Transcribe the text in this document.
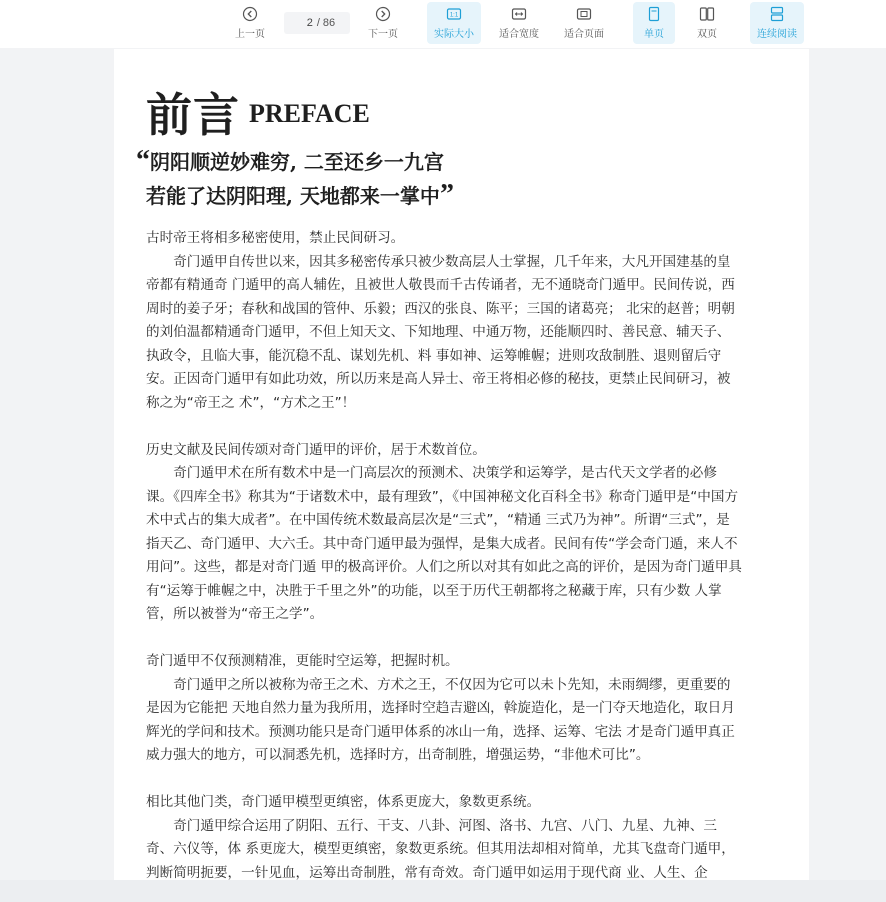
上一页
2
/ 86
下一页
1:1
实际大小	适合宽度	适合页面	单页	双页	连续阅读
前言 PREFACE
“阴阳顺逆妙难穷, 二至还乡一九宫
若能了达阴阳理, 天地都来一掌中”

古时帝王将相多秘密使用，禁止民间研习。

奇门遁甲自传世以来，因其多秘密传承只被少数高层人士掌握，几千年来，大凡开国建基的皇帝都有精通奇 门遁甲的高人辅佐，且被世人敬畏而千古传诵者，无不通晓奇门遁甲。民间传说，西周时的姜子牙；春秋和战国的管仲、乐毅；西汉的张良、陈平；三国的诸葛亮； 北宋的赵普；明朝的刘伯温都精通奇门遁甲，不但上知天文、下知地理、中通万物，还能顺四时、善民意、辅天子、执政令，且临大事，能沉稳不乱、谋划先机、料 事如神、运筹帷幄；进则攻敌制胜、退则留后守安。正因奇门遁甲有如此功效，所以历来是高人异士、帝王将相必修的秘技，更禁止民间研习，被称之为“帝王之 术”，“方术之王”！

历史文献及民间传颂对奇门遁甲的评价，居于术数首位。

奇门遁甲术在所有数术中是一门高层次的预测术、决策学和运筹学，是古代天文学者的必修课。《四库全书》称其为“于诸数术中，最有理致”，《中国神秘文化百科全书》称奇门遁甲是“中国方术中式占的集大成者”。在中国传统术数最高层次是“三式”，“精通 三式乃为神”。所谓“三式”，是指天乙、奇门遁甲、大六壬。其中奇门遁甲最为强悍，是集大成者。民间有传“学会奇门遁，来人不用问”。这些，都是对奇门遁 甲的极高评价。人们之所以对其有如此之高的评价，是因为奇门遁甲具有“运筹于帷幄之中，决胜于千里之外”的功能，以至于历代王朝都将之秘藏于库，只有少数 人掌管，所以被誉为“帝王之学”。

奇门遁甲不仅预测精准，更能时空运筹，把握时机。

奇门遁甲之所以被称为帝王之术、方术之王，不仅因为它可以未卜先知，未雨绸缪，更重要的是因为它能把 天地自然力量为我所用，选择时空趋吉避凶，斡旋造化，是一门夺天地造化，取日月辉光的学问和技术。预测功能只是奇门遁甲体系的冰山一角，选择、运筹、宅法 才是奇门遁甲真正威力强大的地方，可以洞悉先机，选择时方，出奇制胜，增强运势，“非他术可比”。

相比其他门类，奇门遁甲模型更缜密，体系更庞大，象数更系统。

奇门遁甲综合运用了阴阳、五行、干支、八卦、河图、洛书、九宫、八门、九星、九神、三奇、六仪等，体 系更庞大，模型更缜密，象数更系统。但其用法却相对简单，尤其飞盘奇门遁甲，判断简明扼要，一针见血，运筹出奇制胜，常有奇效。奇门遁甲如运用于现代商 业、人生、企
